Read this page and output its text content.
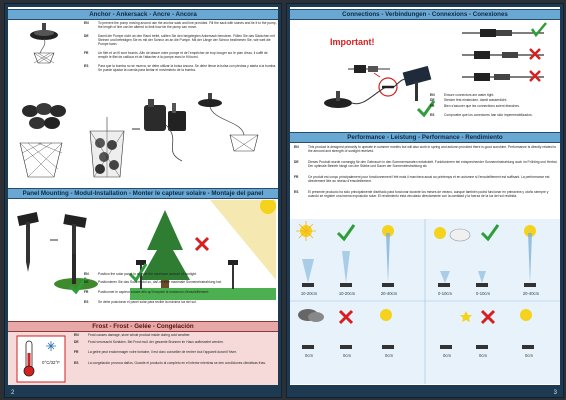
Anchor - Ankersack - Ancre - Ancora
EN	To prevent the pump moving around use the anchor sack and line provided. Fill the sack with stones and tie it to the pump, the length of line can be altered to limit how far the pump can move.
DE	Damit die Pumpe nicht an den Rand treibt, sollten Sie den beigelegten Ankersack benutzen. Füllen Sie das Säckchen mit Steinen und befestigen Sie es mit der Schnur an an die Pumpe. Mit der Länge der Schnur bestimmen Sie, wie weit die Pumpe kann.
FR	Un filet et un fil sont fournis. Afin de laisser votre pompe et de l'empêcher de trop bouger sur le plan d'eau, il suffit de remplir le filet de cailloux et de l'attacher à la pompe avec le fil fourni.
ES	Para que la bomba no se mueva, se debe utilizar la bolsa áncora. Se debe llenar la bolsa con piedras y atarla a la bomba. Se puede ajustar la cuerda para limitar el movimiento de la bomba.
Panel Mounting - Modul-Installation - Monter le capteur solaire - Montaje del panel
EN	Position the solar panel to receive the maximum amount of sunlight.
DE	Positionieren Sie das Solarmodul so, daß es eine maximale Sonneneinstrahlung hat.
FR	Positionner le capteur solaire afin qu'il reçoive le maximum d'ensoleillement.
ES	Se debe posicionar el panel solar para recibir la máxima luz del sol.
Frost - Frost - Gelée - Congelación
0°C/32°F
EN	Frost causes damage, store whole product inside during cold weather.
DE	Frost verursacht Schäden. Bei Frost muß der gesamte Brunnen im Haus aufbewahrt werden.
FR	La gelée peut endommager votre fontaine, il est donc conseiller de rentrer tout l'appareil durant l'hiver.
ES	La congelación provoca daños. Guarde el producto al completo en el interior mientras se den condiciones climáticas frías.
2
Connections - Verbindungen - Connexions - Conexiones
Important!
EN	Ensure connectors are water tight.
DE	Stecker fest einstecken, damit wasserdicht.
FR	Bien s'assurer que les connections soient étanches.
ES	Compruebe que los conectores han sido impermeabilizados.
Performance - Leistung - Performance - Rendimiento
EN	This product is designed primarily to operate in summer months but will also work in spring and autumn provided there is good sunshine. Performance is directly related to the amount and strength of sunlight received.
DE	Dieses Produkt wurde vorrangig für den Gebrauch in den Sommermonaten entwickelt. Funktionieren bei entsprechender Sonneneinstrahlung auch im Frühling und Herbst. Der optimale Betrieb hängt von der Stärke und Dauer der Sonneneinstrahlung ab.
FR	Ce produit est conçu principalement pour fonctionnement l'été mais il marchera aussi au printemps et en automne si l'ensoleillement est suffisant. La performance est directement liée au niveau d'ensoleillement.
ES	El presente producto ha sido principalmente diseñado para funcionar durante los meses de verano, aunque también podrá funcionar en primavera y otoño siempre y cuando se registre una buena exposición solar. El rendimiento está vinculado directamente con la cantidad y la fuerza de la luz del sol recibida.
10-20cm	10-20cm	20-40cm	0-10cm	0-10cm	20-40cm
0cm	0cm	0cm	0cm	0cm	0cm
3
